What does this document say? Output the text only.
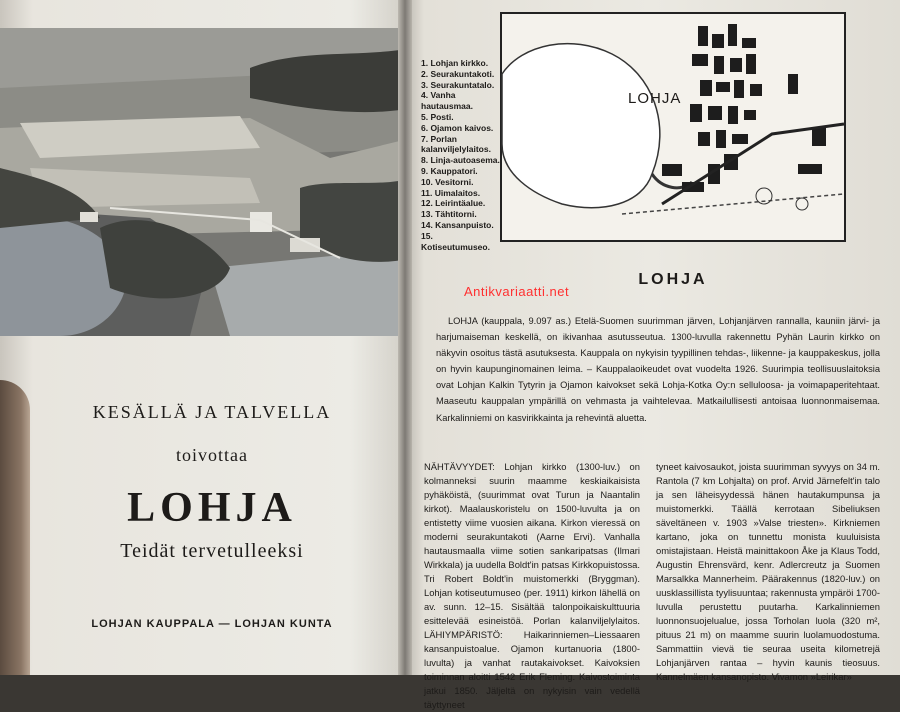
KESÄLLÄ JA TALVELLA
toivottaa
LOHJA
Teidät tervetulleeksi
LOHJAN KAUPPALA — LOHJAN KUNTA
1. Lohjan kirkko.
2. Seurakuntakoti.
3. Seurakuntatalo.
4. Vanha hautausmaa.
5. Posti.
6. Ojamon kaivos.
7. Porlan kalanviljelylaitos.
8. Linja-autoasema.
9. Kauppatori.
10. Vesitorni.
11. Uimalaitos.
12. Leirintäalue.
13. Tähtitorni.
14. Kansanpuisto.
15. Kotiseutumuseo.
LOHJA
LOHJA
Antikvariaatti.net
LOHJA (kauppala, 9.097 as.) Etelä-Suomen suurimman järven, Lohjanjärven rannalla, kauniin järvi- ja harjumaiseman keskellä, on ikivanhaa asutusseutua. 1300-luvulla rakennettu Pyhän Laurin kirkko on näkyvin osoitus tästä asutuksesta. Kauppala on nykyisin tyypillinen tehdas-, liikenne- ja kauppakeskus, jolla on hyvin kaupunginomainen leima. – Kauppalaoikeudet ovat vuodelta 1926. Suurimpia teollisuuslaitoksia ovat Lohjan Kalkin Tytyrin ja Ojamon kaivokset sekä Lohja-Kotka Oy:n selluloosa- ja voimapaperitehtaat. Maaseutu kauppalan ympärillä on vehmasta ja vaihtelevaa. Matkailullisesti antoisaa luonnonmaisemaa. Karkalinniemi on kasvirikkainta ja rehevintä aluetta.
NÄHTÄVYYDET: Lohjan kirkko (1300-luv.) on kolmanneksi suurin maamme keskiaikaisista pyhäköistä, (suurimmat ovat Turun ja Naantalin kirkot). Maalauskoristelu on 1500-luvulta ja on entistetty viime vuosien aikana. Kirkon vieressä on moderni seurakuntakoti (Aarne Ervi). Vanhalla hautausmaalla viime sotien sankaripatsas (Ilmari Wirkkala) ja uudella Boldt'in patsas Kirkkopuistossa. Tri Robert Boldt'in muistomerkki (Bryggman). Lohjan kotiseutumuseo (per. 1911) kirkon lähellä on av. sunn. 12–15. Sisältää talonpoikaiskulttuuria esittelevää esineistöä. Porlan kalanviljelylaitos. LÄHIYMPÄRISTÖ: Haikarinniemen–Liessaaren kansanpuistoalue. Ojamon kurtanuoria (1800-luvulta) ja vanhat rautakaivokset. Kaivoksien toiminnan aloitti 1542 Erik Fleming. Kaivostoiminta jatkui 1850. Jäljeltä on nykyisin vain vedellä täyttyneet
tyneet kaivosaukot, joista suurimman syvyys on 34 m. Rantola (7 km Lohjalta) on prof. Arvid Järnefelt'in talo ja sen läheisyydessä hänen hautakumpunsa ja muistomerkki. Täällä kerrotaan Sibeliuksen säveltäneen v. 1903 »Valse triesten». Kirkniemen kartano, joka on tunnettu monista kuuluisista omistajistaan. Heistä mainittakoon Åke ja Klaus Todd, Augustin Ehrensvärd, kenr. Adlercreutz ja Suomen Marsalkka Mannerheim. Päärakennus (1820-luv.) on uusklassillista tyylisuuntaa; rakennusta ympäröi 1700-luvulla perustettu puutarha. Karkalinniemen luonnonsuojelualue, jossa Torholan luola (320 m², pituus 21 m) on maamme suurin luolamuodostuma. Sammattiin vievä tie seuraa useita kilometrejä Lohjanjärven rantaa – hyvin kaunis tieosuus. Kannelmäen kansanopisto. Vivamon »Leirikar»
